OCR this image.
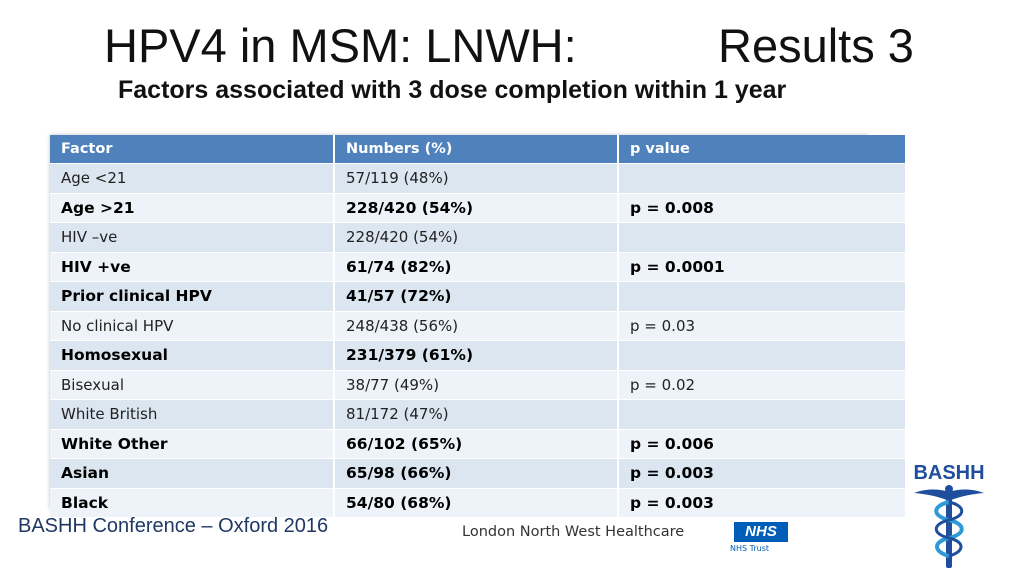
HPV4 in MSM: LNWH:	Results 3
Factors associated with 3 dose completion within 1 year
Factor	Numbers (%)	p value
Age <21	57/119 (48%)	
Age >21	228/420 (54%)	p = 0.008
HIV –ve	228/420 (54%)	
HIV +ve	61/74 (82%)	p = 0.0001
Prior clinical HPV	41/57 (72%)	
No clinical HPV	248/438 (56%)	p = 0.03
Homosexual	231/379 (61%)	
Bisexual	38/77 (49%)	p = 0.02
White British	81/172 (47%)	
White Other	66/102 (65%)	p = 0.006
Asian	65/98 (66%)	p = 0.003
Black	54/80 (68%)	p = 0.003
BASHH Conference – Oxford 2016	London North West Healthcare	NHS
NHS Trust
BASHH
